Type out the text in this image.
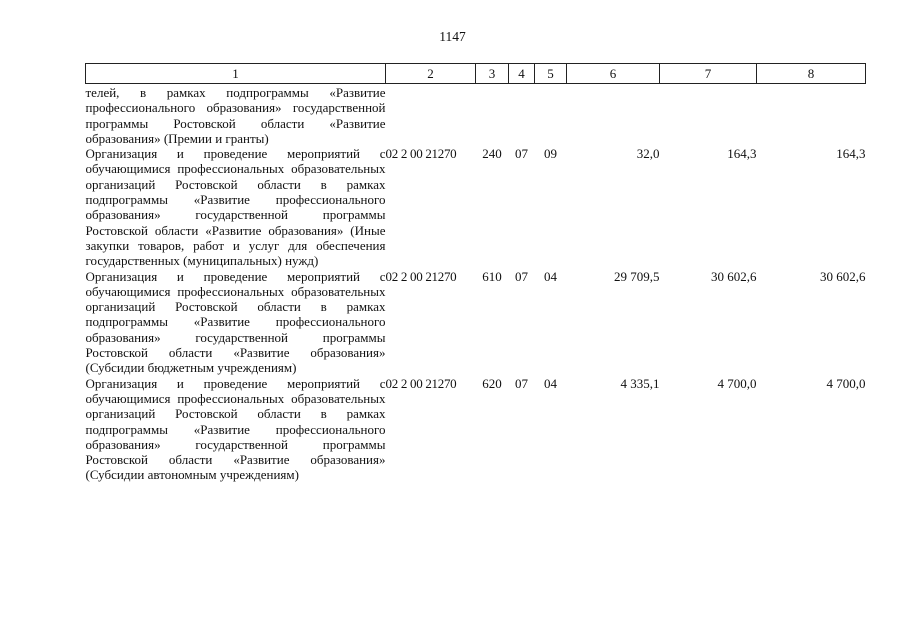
1147
1	2	3	4	5	6	7	8
телей, в рамках подпрограммы «Развитие профессионального образования» государственной программы Ростовской области «Развитие образования» (Премии и гранты)							
Организация и проведение мероприятий с обучающимися профессиональных образовательных организаций Ростовской области в рамках подпрограммы «Развитие профессионального образования» государственной программы Ростовской области «Развитие образования» (Иные закупки товаров, работ и услуг для обеспечения государственных (муниципальных) нужд)	02 2 00 21270	240	07	09	32,0	164,3	164,3
Организация и проведение мероприятий с обучающимися профессиональных образовательных организаций Ростовской области в рамках подпрограммы «Развитие профессионального образования» государственной программы Ростовской области «Развитие образования» (Субсидии бюджетным учреждениям)	02 2 00 21270	610	07	04	29 709,5	30 602,6	30 602,6
Организация и проведение мероприятий с обучающимися профессиональных образовательных организаций Ростовской области в рамках подпрограммы «Развитие профессионального образования» государственной программы Ростовской области «Развитие образования» (Субсидии автономным учреждениям)	02 2 00 21270	620	07	04	4 335,1	4 700,0	4 700,0
